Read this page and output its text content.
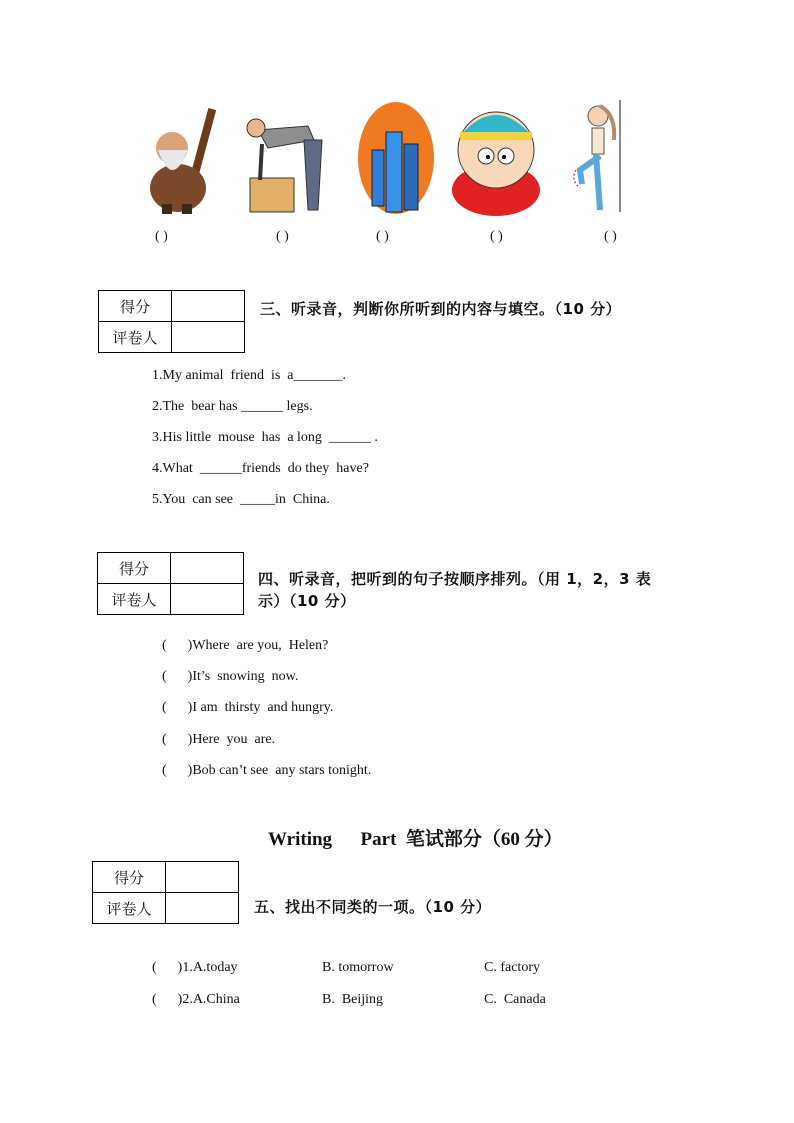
( )	( )	( )	( )	( )
得分	
评卷人	
三、听录音，判断你所听到的内容与填空。（10 分）
1.My animal  friend  is  a_______.
2.The  bear has ______ legs.
3.His little  mouse  has  a long  ______ .
4.What  ______friends  do they  have?
5.You  can see  _____in  China.
得分	
评卷人	
四、听录音，把听到的句子按顺序排列。（用 1，2，3 表
示）（10 分）
(      )Where  are you,  Helen?
(      )It’s  snowing  now.
(      )I am  thirsty  and hungry.
(      )Here  you  are.
(      )Bob can’t see  any stars tonight.
Writing      Part  笔试部分（60 分）
得分	
评卷人		五、找出不同类的一项。（10 分）
(      )1.A.today	B. tomorrow	C. factory
(      )2.A.China	B.  Beijing	C.  Canada
